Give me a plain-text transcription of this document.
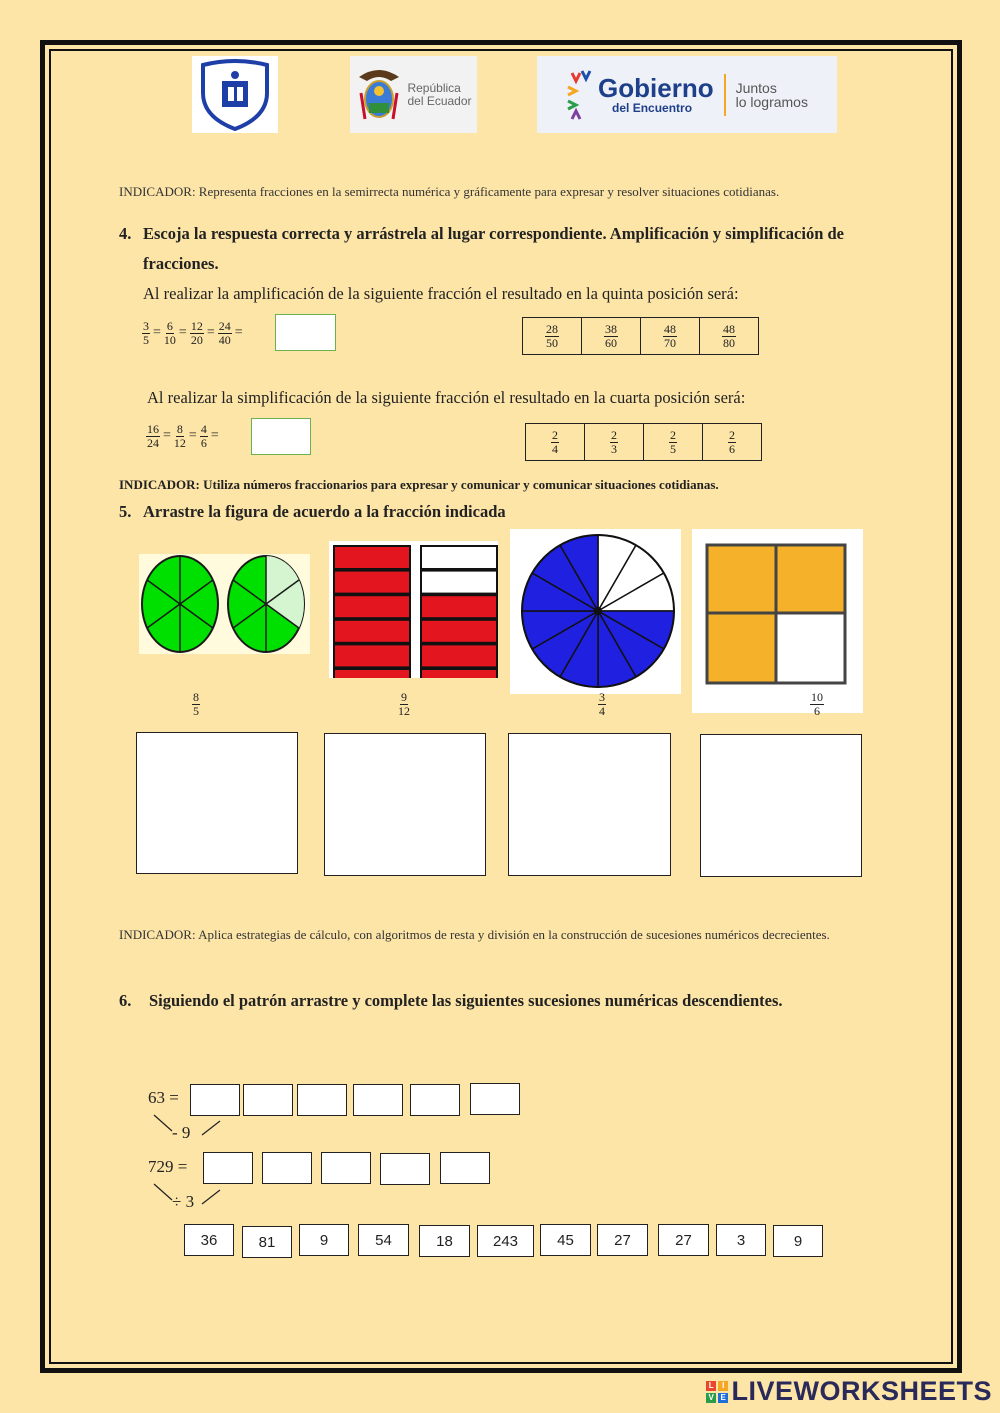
República
del Ecuador	Gobierno
del Encuentro
Juntos
lo logramos
INDICADOR: Representa fracciones en la semirrecta numérica y gráficamente para expresar y resolver situaciones cotidianas.
4. Escoja la respuesta correcta y arrástrela al lugar correspondiente. Amplificación y simplificación de fracciones.
Al realizar la amplificación de la siguiente fracción el resultado en la quinta posición será:
$\frac{3}{5} = \frac{6}{10} = \frac{12}{20} = \frac{24}{40}$ =	$\frac{28}{50}$	$\frac{38}{60}$	$\frac{48}{70}$	$\frac{48}{80}$
Al realizar la simplificación de la siguiente fracción el resultado en la cuarta posición será:
$\frac{16}{24} = \frac{8}{12} = \frac{4}{6}$ =	$\frac{2}{4}$	$\frac{2}{3}$	$\frac{2}{5}$	$\frac{2}{6}$
INDICADOR: Utiliza números fraccionarios para expresar y comunicar y comunicar situaciones cotidianas.
5. Arrastre la figura de acuerdo a la fracción indicada
$\frac{8}{5}$	$\frac{9}{12}$	$\frac{3}{4}$	$\frac{10}{6}$
INDICADOR: Aplica estrategias de cálculo, con algoritmos de resta y división en la construcción de sucesiones numéricos decrecientes.
6. Siguiendo el patrón arrastre y complete las siguientes sucesiones numéricas descendientes.
63 =
- 9
729 =
÷ 3
36	81	9	54	18	243	45	27	27	3	9
L I
V E LIVEWORKSHEETS
